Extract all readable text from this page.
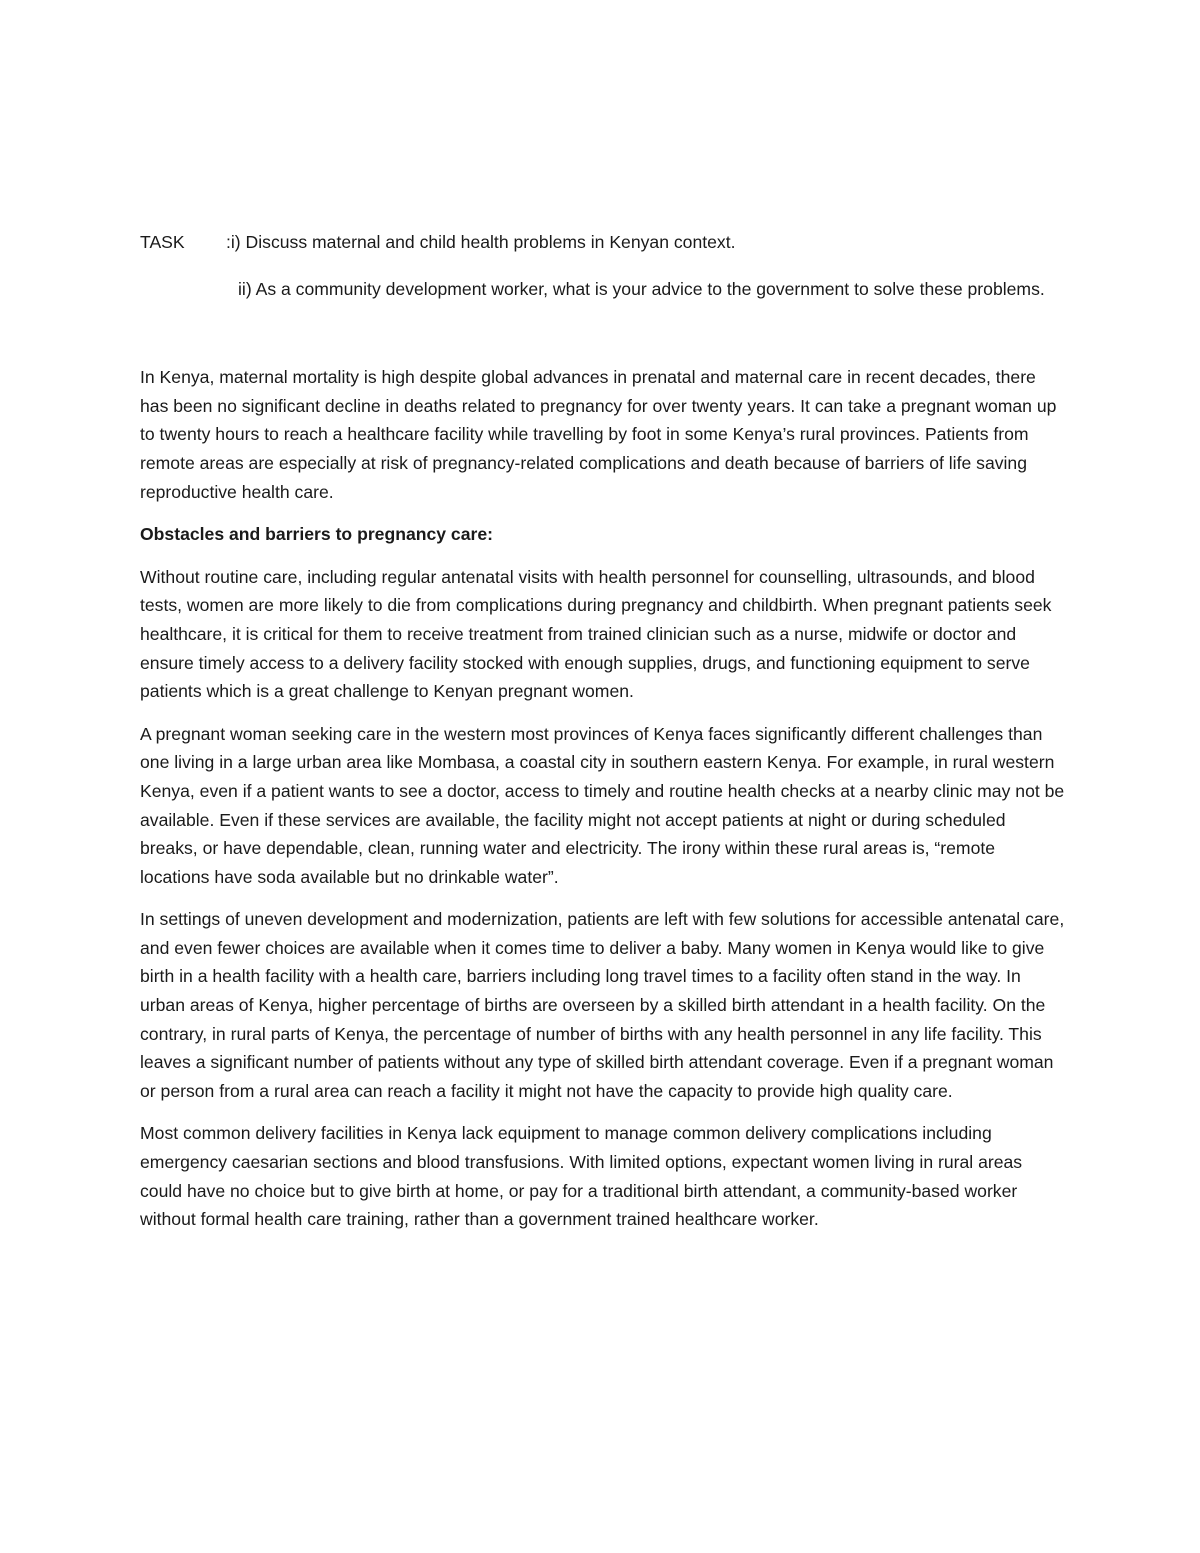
TASK	:i) Discuss maternal and child health problems in Kenyan context.

ii) As a community development worker, what is your advice to the government to solve these problems.

In Kenya, maternal mortality is high despite global advances in prenatal and maternal care in recent decades, there has been no significant decline in deaths related to pregnancy for over twenty years. It can take a pregnant woman up to twenty hours to reach a healthcare facility while travelling by foot in some Kenya’s rural provinces. Patients from remote areas are especially at risk of pregnancy-related complications and death because of barriers of life saving reproductive health care.

Obstacles and barriers to pregnancy care:

Without routine care, including regular antenatal visits with health personnel for counselling, ultrasounds, and blood tests, women are more likely to die from complications during pregnancy and childbirth. When pregnant patients seek healthcare, it is critical for them to receive treatment from trained clinician such as a nurse, midwife or doctor and ensure timely access to a delivery facility stocked with enough supplies, drugs, and functioning equipment to serve patients which is a great challenge to Kenyan pregnant women.

A pregnant woman seeking care in the western most provinces of Kenya faces significantly different challenges than one living in a large urban area like Mombasa, a coastal city in southern eastern Kenya. For example, in rural western Kenya, even if a patient wants to see a doctor, access to timely and routine health checks at a nearby clinic may not be available. Even if these services are available, the facility might not accept patients at night or during scheduled breaks, or have dependable, clean, running water and electricity. The irony within these rural areas is, “remote locations have soda available but no drinkable water”.

In settings of uneven development and modernization, patients are left with few solutions for accessible antenatal care, and even fewer choices are available when it comes time to deliver a baby. Many women in Kenya would like to give birth in a health facility with a health care, barriers including long travel times to a facility often stand in the way. In urban areas of Kenya, higher percentage of births are overseen by a skilled birth attendant in a health facility. On the contrary, in rural parts of Kenya, the percentage of number of births with any health personnel in any life facility. This leaves a significant number of patients without any type of skilled birth attendant coverage. Even if a pregnant woman or person from a rural area can reach a facility it might not have the capacity to provide high quality care.

Most common delivery facilities in Kenya lack equipment to manage common delivery complications including emergency caesarian sections and blood transfusions. With limited options, expectant women living in rural areas could have no choice but to give birth at home, or pay for a traditional birth attendant, a community-based worker without formal health care training, rather than a government trained healthcare worker.
